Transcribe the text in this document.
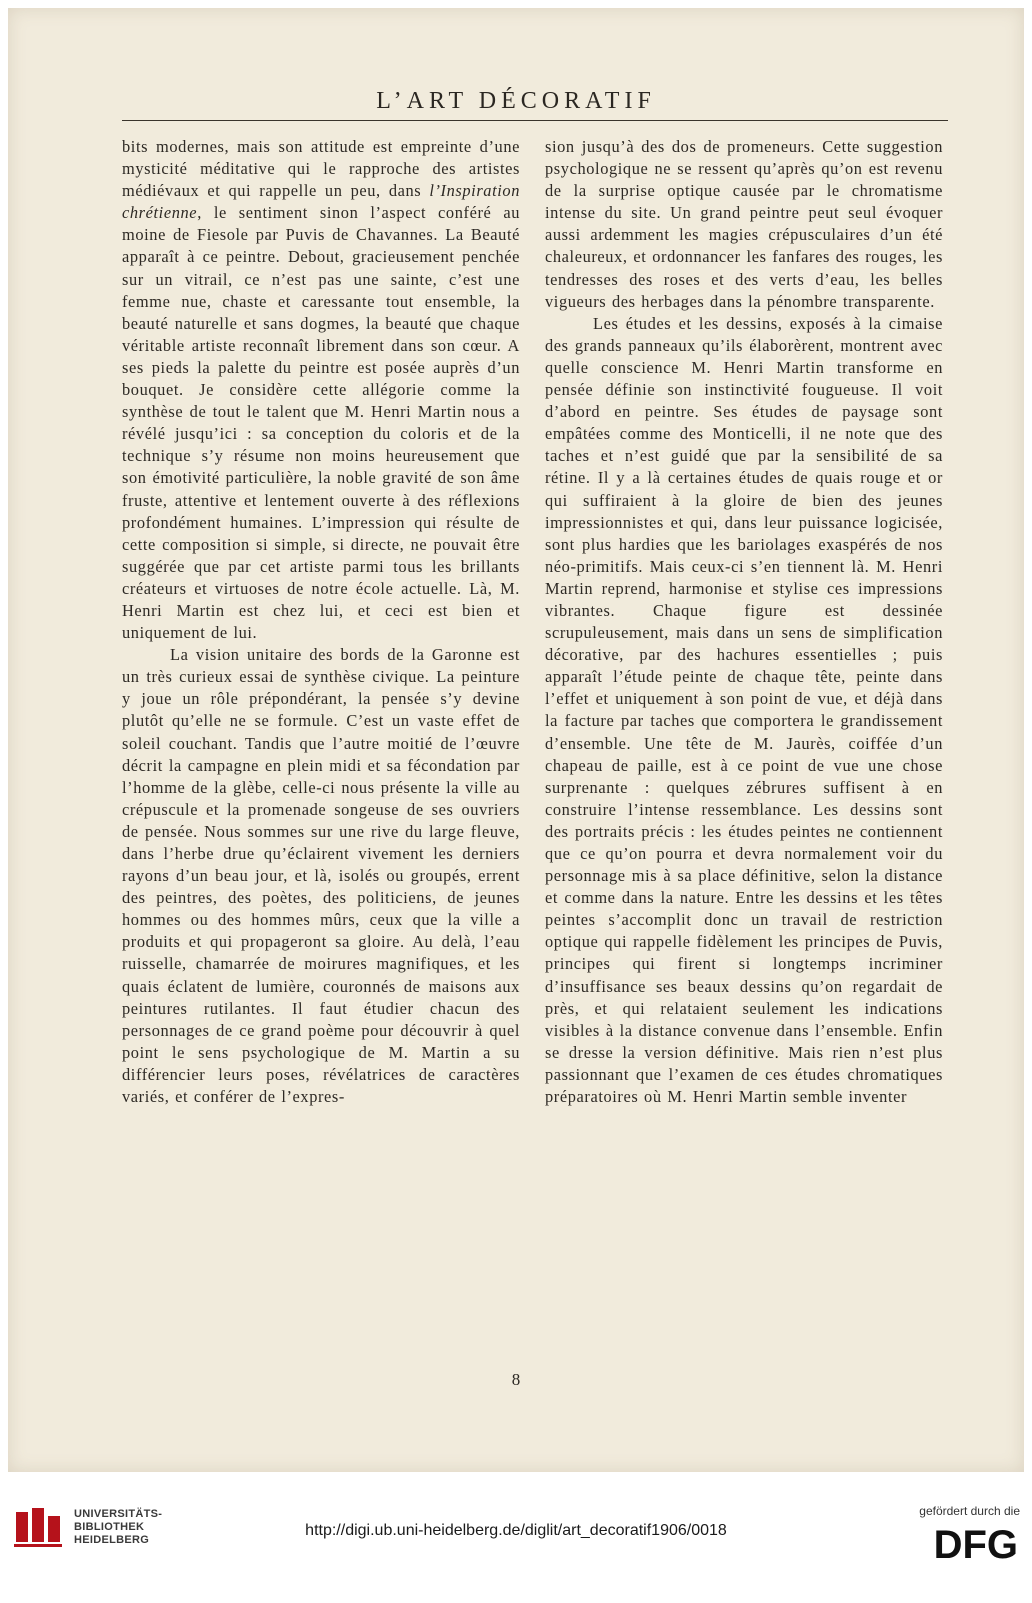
L’ART DÉCORATIF

bits modernes, mais son attitude est empreinte d’une mysticité méditative qui le rapproche des artistes médiévaux et qui rappelle un peu, dans l’Inspiration chrétienne, le sentiment sinon l’aspect conféré au moine de Fiesole par Puvis de Chavannes. La Beauté apparaît à ce peintre. Debout, gracieusement penchée sur un vitrail, ce n’est pas une sainte, c’est une femme nue, chaste et caressante tout ensemble, la beauté naturelle et sans dogmes, la beauté que chaque véritable artiste reconnaît librement dans son cœur. A ses pieds la palette du peintre est posée auprès d’un bouquet. Je considère cette allégorie comme la synthèse de tout le talent que M. Henri Martin nous a révélé jusqu’ici : sa conception du coloris et de la technique s’y résume non moins heureusement que son émotivité particulière, la noble gravité de son âme fruste, attentive et lentement ouverte à des réflexions profondément humaines. L’impression qui résulte de cette composition si simple, si directe, ne pouvait être suggérée que par cet artiste parmi tous les brillants créateurs et virtuoses de notre école actuelle. Là, M. Henri Martin est chez lui, et ceci est bien et uniquement de lui.

La vision unitaire des bords de la Garonne est un très curieux essai de synthèse civique. La peinture y joue un rôle prépondérant, la pensée s’y devine plutôt qu’elle ne se formule. C’est un vaste effet de soleil couchant. Tandis que l’autre moitié de l’œuvre décrit la campagne en plein midi et sa fécondation par l’homme de la glèbe, celle-ci nous présente la ville au crépuscule et la promenade songeuse de ses ouvriers de pensée. Nous sommes sur une rive du large fleuve, dans l’herbe drue qu’éclairent vivement les derniers rayons d’un beau jour, et là, isolés ou groupés, errent des peintres, des poètes, des politiciens, de jeunes hommes ou des hommes mûrs, ceux que la ville a produits et qui propageront sa gloire. Au delà, l’eau ruisselle, chamarrée de moirures magnifiques, et les quais éclatent de lumière, couronnés de maisons aux peintures rutilantes. Il faut étudier chacun des personnages de ce grand poème pour découvrir à quel point le sens psychologique de M. Martin a su différencier leurs poses, révélatrices de caractères variés, et conférer de l’expres-

sion jusqu’à des dos de promeneurs. Cette suggestion psychologique ne se ressent qu’après qu’on est revenu de la surprise optique causée par le chromatisme intense du site. Un grand peintre peut seul évoquer aussi ardemment les magies crépusculaires d’un été chaleureux, et ordonnancer les fanfares des rouges, les tendresses des roses et des verts d’eau, les belles vigueurs des herbages dans la pénombre transparente.

Les études et les dessins, exposés à la cimaise des grands panneaux qu’ils élaborèrent, montrent avec quelle conscience M. Henri Martin transforme en pensée définie son instinctivité fougueuse. Il voit d’abord en peintre. Ses études de paysage sont empâtées comme des Monticelli, il ne note que des taches et n’est guidé que par la sensibilité de sa rétine. Il y a là certaines études de quais rouge et or qui suffiraient à la gloire de bien des jeunes impressionnistes et qui, dans leur puissance logicisée, sont plus hardies que les bariolages exaspérés de nos néo-primitifs. Mais ceux-ci s’en tiennent là. M. Henri Martin reprend, harmonise et stylise ces impressions vibrantes. Chaque figure est dessinée scrupuleusement, mais dans un sens de simplification décorative, par des hachures essentielles ; puis apparaît l’étude peinte de chaque tête, peinte dans l’effet et uniquement à son point de vue, et déjà dans la facture par taches que comportera le grandissement d’ensemble. Une tête de M. Jaurès, coiffée d’un chapeau de paille, est à ce point de vue une chose surprenante : quelques zébrures suffisent à en construire l’intense ressemblance. Les dessins sont des portraits précis : les études peintes ne contiennent que ce qu’on pourra et devra normalement voir du personnage mis à sa place définitive, selon la distance et comme dans la nature. Entre les dessins et les têtes peintes s’accomplit donc un travail de restriction optique qui rappelle fidèlement les principes de Puvis, principes qui firent si longtemps incriminer d’insuffisance ses beaux dessins qu’on regardait de près, et qui relataient seulement les indications visibles à la distance convenue dans l’ensemble. Enfin se dresse la version définitive. Mais rien n’est plus passionnant que l’examen de ces études chromatiques préparatoires où M. Henri Martin semble inventer

8
UNIVERSITÄTS-
BIBLIOTHEK
HEIDELBERG
http://digi.ub.uni-heidelberg.de/diglit/art_decoratif1906/0018
gefördert durch die
DFG
